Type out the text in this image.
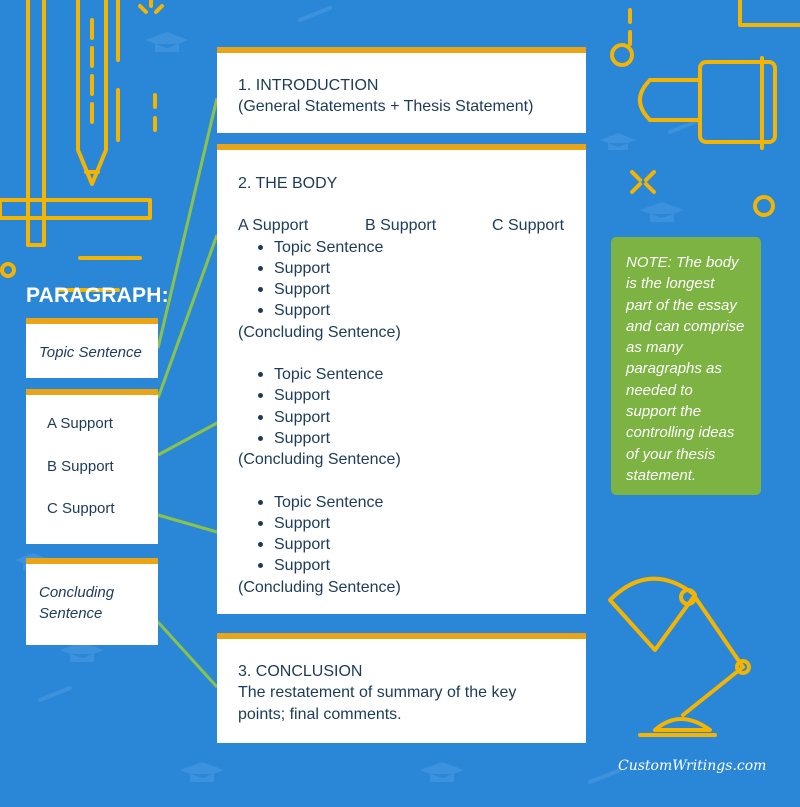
PARAGRAPH:
Topic Sentence
A Support
B Support
C Support
Concluding
Sentence
1. INTRODUCTION
(General Statements + Thesis Statement)
2. THE BODY
A Support	B Support	C Support
Topic Sentence
Support
Support
Support
(Concluding Sentence)
Topic Sentence
Support
Support
Support
(Concluding Sentence)
Topic Sentence
Support
Support
Support
(Concluding Sentence)
3. CONCLUSION
The restatement of summary of the key
points; final comments.
NOTE: The body
is the longest
part of the essay
and can comprise
as many
paragraphs as
needed to
support the
controlling ideas
of your thesis
statement.
CustomWritings.com
